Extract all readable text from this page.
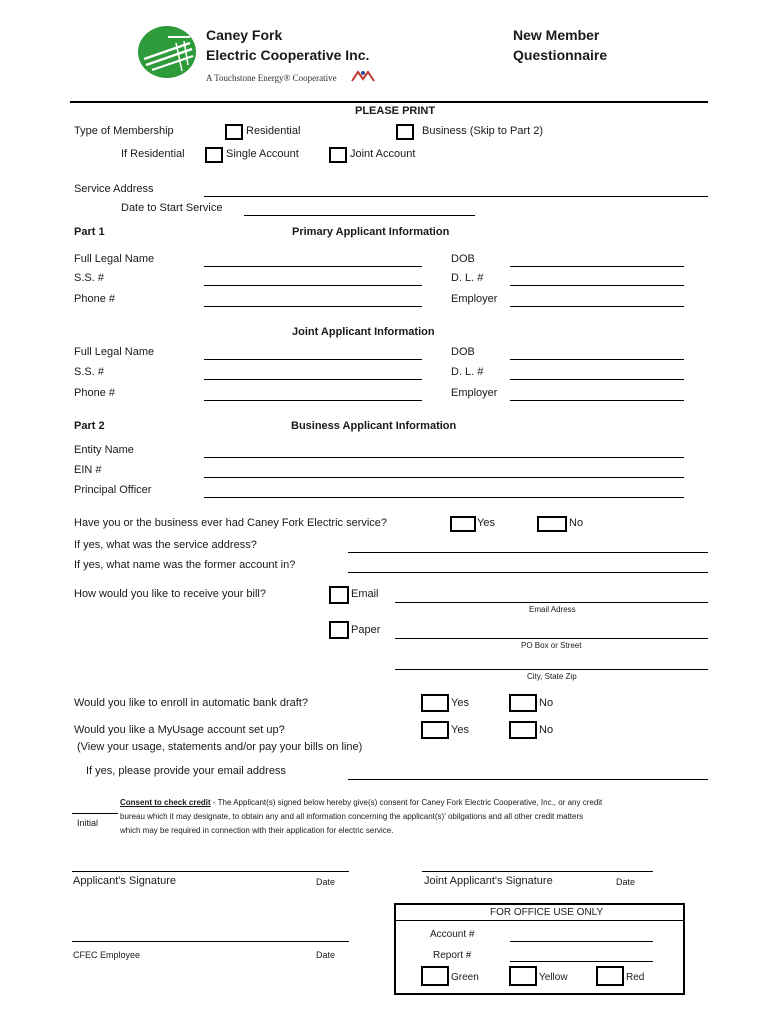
Caney Fork
Electric Cooperative Inc.
A Touchstone Energy® Cooperative
New Member
Questionnaire
PLEASE PRINT
Type of Membership	Residential	Business (Skip to Part 2)
If Residential	Single Account	Joint Account
Service Address
Date to Start Service
Part 1	Primary Applicant Information
Full Legal Name	DOB
S.S. #	D. L. #
Phone #	Employer
Joint Applicant Information
Full Legal Name	DOB
S.S. #	D. L. #
Phone #	Employer
Part 2	Business Applicant Information
Entity Name
EIN #
Principal Officer
Have you or the business ever had Caney Fork Electric service?	Yes	No
If yes, what was the service address?
If yes, what name was the former account in?
How would you like to receive your bill?	Email
Email Adress
Paper
PO Box or Street
City, State Zip
Would you like to enroll in automatic bank draft?	Yes	No
Would you like a MyUsage account set up?	Yes	No
(View your usage, statements and/or pay your bills on line)
If yes, please provide your email address
Initial
Consent to check credit - The Applicant(s) signed below hereby give(s) consent for Caney Fork Electric Cooperative, Inc., or any credit
bureau which it may designate, to obtain any and all information concerning the applicant(s)' obilgations and all other credit matters
which may be required in connection with their application for electric service.
Applicant's Signature	Date	Joint Applicant's Signature	Date
CFEC Employee	Date
FOR OFFICE USE ONLY
Account #
Report #
Green	Yellow	Red
